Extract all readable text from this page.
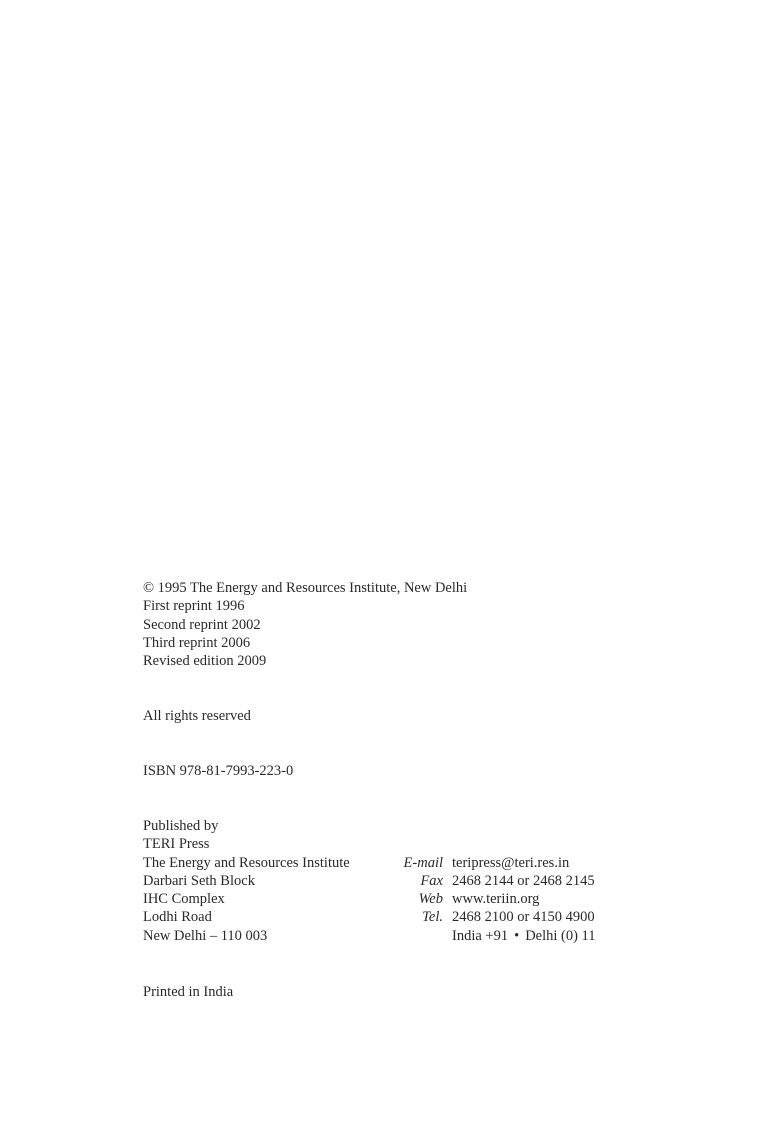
© 1995 The Energy and Resources Institute, New Delhi
First reprint 1996
Second reprint 2002
Third reprint 2006
Revised edition 2009
All rights reserved
ISBN 978-81-7993-223-0
Published by
TERI Press
The Energy and Resources Institute	E-mail teripress@teri.res.in
Darbari Seth Block	Fax 2468 2144 or 2468 2145
IHC Complex	Web www.teriin.org
Lodhi Road	Tel. 2468 2100 or 4150 4900
New Delhi – 110 003	India +91 • Delhi (0) 11
Printed in India
